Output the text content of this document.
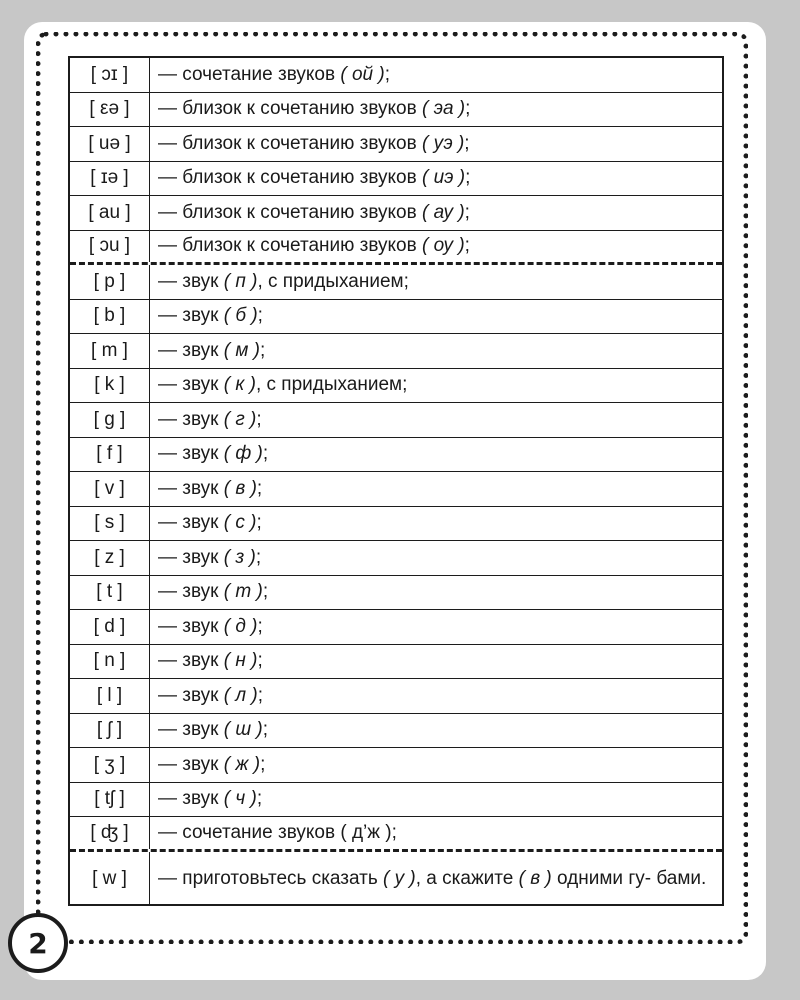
[ ɔɪ ]	— сочетание звуков ( ой );
[ εə ]	— близок к сочетанию звуков ( эа );
[ uə ]	— близок к сочетанию звуков ( уэ );
[ ɪə ]	— близок к сочетанию звуков ( иэ );
[ au ]	— близок к сочетанию звуков ( ау );
[ ɔu ]	— близок к сочетанию звуков ( оу );
[ p ]	— звук ( п ), с придыханием;
[ b ]	— звук ( б );
[ m ]	— звук ( м );
[ k ]	— звук ( к ), с придыханием;
[ g ]	— звук ( г );
[ f ]	— звук ( ф );
[ v ]	— звук ( в );
[ s ]	— звук ( с );
[ z ]	— звук ( з );
[ t ]	— звук ( т );
[ d ]	— звук ( д );
[ n ]	— звук ( н );
[ l ]	— звук ( л );
[ ʃ ]	— звук ( ш );
[ ʒ ]	— звук ( ж );
[ tʃ ]	— звук ( ч );
[ ʤ ]	— сочетание звуков ( д’ж );
[ w ]	— приготовьтесь сказать ( у ), а скажите ( в ) одними гу- бами.
2
